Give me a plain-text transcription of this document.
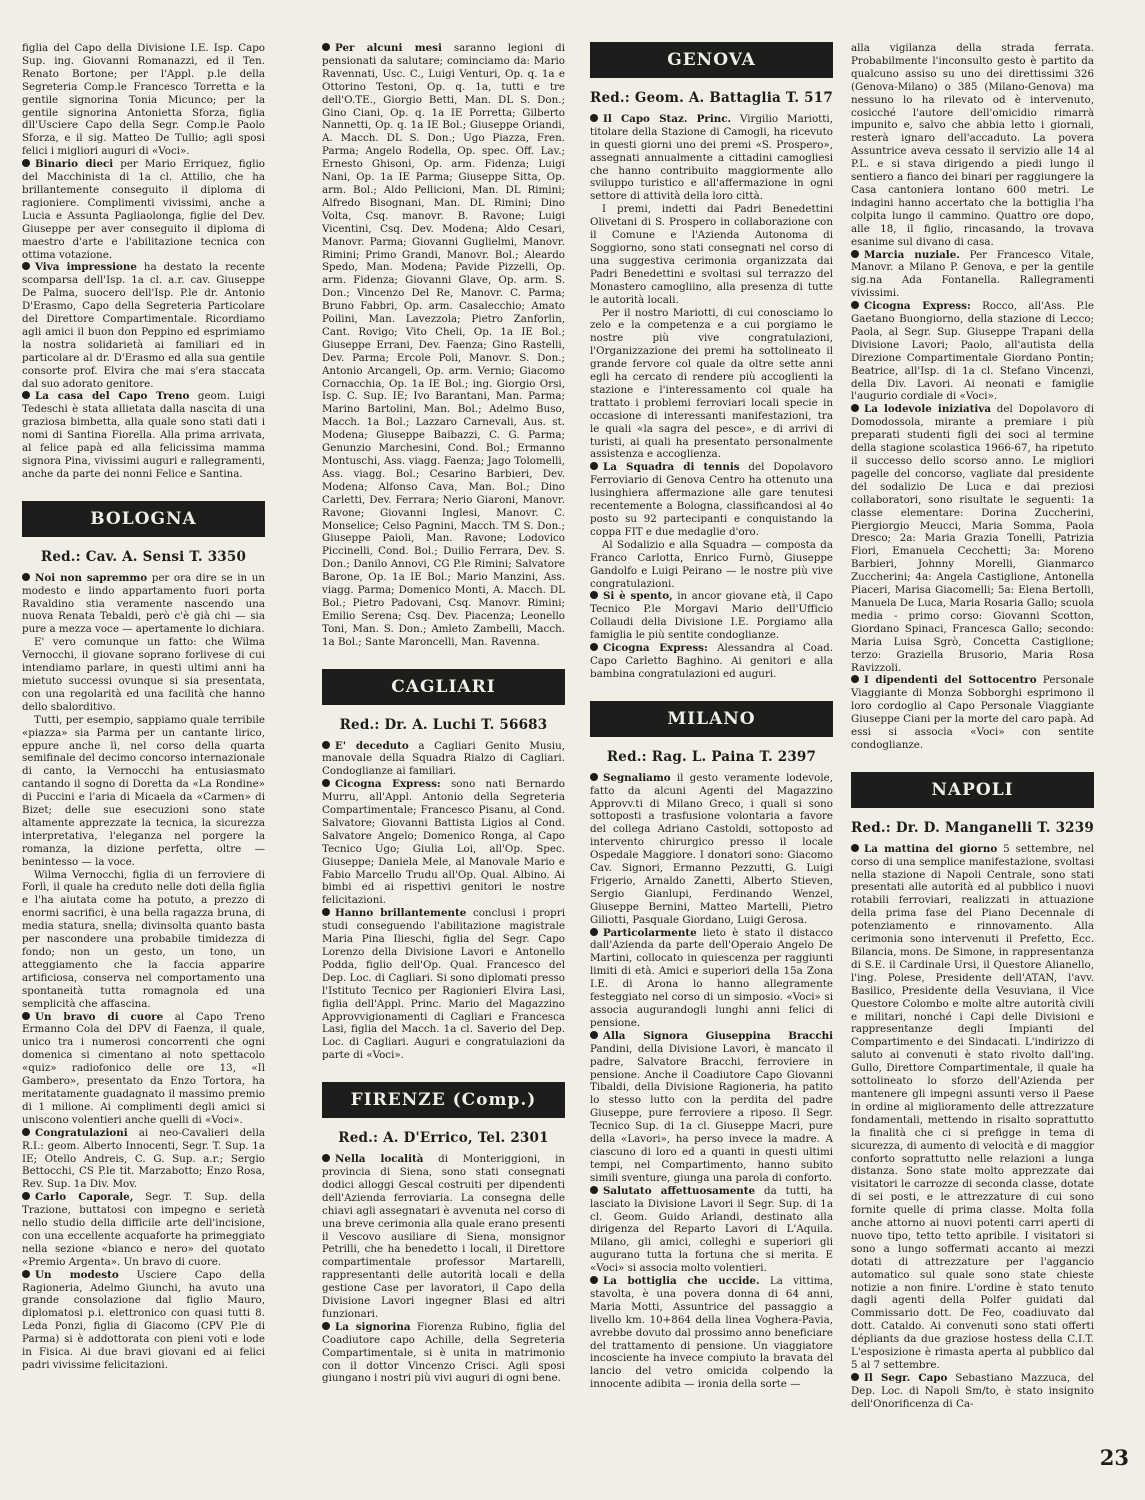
figlia del Capo della Divisione I.E. Isp. Capo Sup. ing. Giovanni Romanazzi, ed il Ten. Renato Bortone; per l'Appl. p.le della Segreteria Comp.le Francesco Torretta e la gentile signorina Tonia Micunco; per la gentile signorina Antonietta Sforza, figlia dll'Usciere Capo della Segr. Comp.le Paolo Sforza, e il sig. Matteo De Tullio; agli sposi felici i migliori auguri di «Voci».

Binario dieci per Mario Erriquez, figlio del Macchinista di 1a cl. Attilio, che ha brillantemente conseguito il diploma di ragioniere. Complimenti vivissimi, anche a Lucia e Assunta Pagliaolonga, figlie del Dev. Giuseppe per aver conseguito il diploma di maestro d'arte e l'abilitazione tecnica con ottima votazione.

Viva impressione ha destato la recente scomparsa dell'Isp. 1a cl. a.r. cav. Giuseppe De Palma, suocero dell'Isp. P.le dr. Antonio D'Erasmo, Capo della Segreteria Particolare del Direttore Compartimentale. Ricordiamo agli amici il buon don Peppino ed esprimiamo la nostra solidarietà ai familiari ed in particolare al dr. D'Erasmo ed alla sua gentile consorte prof. Elvira che mai s'era staccata dal suo adorato genitore.

La casa del Capo Treno geom. Luigi Tedeschi è stata allietata dalla nascita di una graziosa bimbetta, alla quale sono stati dati i nomi di Santina Fiorella. Alla prima arrivata, al felice papà ed alla felicissima mamma signora Pina, vivissimi auguri e rallegramenti, anche da parte dei nonni Felice e Santina.

BOLOGNA
Red.: Cav. A. Sensi T. 3350

Noi non sapremmo per ora dire se in un modesto e lindo appartamento fuori porta Ravaldino stia veramente nascendo una nuova Renata Tebaldi, però c'è già chi — sia pure a mezza voce — apertamente lo dichiara.

E' vero comunque un fatto: che Wilma Vernocchi, il giovane soprano forlivese di cui intendiamo parlare, in questi ultimi anni ha mietuto successi ovunque si sia presentata, con una regolarità ed una facilità che hanno dello sbalorditivo.

Tutti, per esempio, sappiamo quale terribile «piazza» sia Parma per un cantante lirico, eppure anche lì, nel corso della quarta semifinale del decimo concorso internazionale di canto, la Vernocchi ha entusiasmato cantando il sogno di Doretta da «La Rondine» di Puccini e l'aria di Micaela da «Carmen» di Bizet; delle sue esecuzioni sono state altamente apprezzate la tecnica, la sicurezza interpretativa, l'eleganza nel porgere la romanza, la dizione perfetta, oltre — benintesso — la voce.

Wilma Vernocchi, figlia di un ferroviere di Forlì, il quale ha creduto nelle doti della figlia e l'ha aiutata come ha potuto, a prezzo di enormi sacrifici, è una bella ragazza bruna, di media statura, snella; divinsolta quanto basta per nascondere una probabile timidezza di fondo; non un gesto, un tono, un atteggiamento che la faccia apparire artificiosa, conserva nel comportamento una spontaneità tutta romagnola ed una semplicità che affascina.

Un bravo di cuore al Capo Treno Ermanno Cola del DPV di Faenza, il quale, unico tra i numerosi concorrenti che ogni domenica si cimentano al noto spettacolo «quiz» radiofonico delle ore 13, «Il Gambero», presentato da Enzo Tortora, ha meritatamente guadagnato il massimo premio di 1 milione. Ai complimenti degli amici si uniscono volentieri anche quelli di «Voci».

Congratulazioni ai neo-Cavalieri della R.I.: geom. Alberto Innocenti, Segr. T. Sup. 1a IE; Otello Andreis, C. G. Sup. a.r.; Sergio Bettocchi, CS P.le tit. Marzabotto; Enzo Rosa, Rev. Sup. 1a Div. Mov.

Carlo Caporale, Segr. T. Sup. della Trazione, buttatosi con impegno e serietà nello studio della difficile arte dell'incisione, con una eccellente acquaforte ha primeggiato nella sezione «bianco e nero» del quotato «Premio Argenta». Un bravo di cuore.

Un modesto Usciere Capo della Ragioneria, Adelmo Giunchi, ha avuto una grande consolazione dal figlio Mauro, diplomatosi p.i. elettronico con quasi tutti 8. Leda Ponzi, figlia di Giacomo (CPV P.le di Parma) si è addottorata con pieni voti e lode in Fisica. Ai due bravi giovani ed ai felici padri vivissime felicitazioni.

Per alcuni mesi saranno legioni di pensionati da salutare; cominciamo da: Mario Ravennati, Usc. C., Luigi Venturi, Op. q. 1a e Ottorino Testoni, Op. q. 1a, tutti e tre dell'O.TE., Giorgio Betti, Man. DL S. Don.; Gino Ciani, Op. q. 1a IE Porretta; Gilberto Nannetti, Op. q. 1a IE Bol.; Giuseppe Oriandi, A. Macch. DL S. Don.; Ugo Piazza, Fren. Parma; Angelo Rodella, Op. spec. Off. Lav.; Ernesto Ghisoni, Op. arm. Fidenza; Luigi Nani, Op. 1a IE Parma; Giuseppe Sitta, Op. arm. Bol.; Aldo Pellicioni, Man. DL Rimini; Alfredo Bisognani, Man. DL Rimini; Dino Volta, Csq. manovr. B. Ravone; Luigi Vicentini, Csq. Dev. Modena; Aldo Cesari, Manovr. Parma; Giovanni Guglielmi, Manovr. Rimini; Primo Grandi, Manovr. Bol.; Aleardo Spedo, Man. Modena; Pavide Pizzelli, Op. arm. Fidenza; Giovanni Glave, Op. arm. S. Don.; Vincenzo Del Re, Manovr. C. Parma; Bruno Fabbri, Op. arm. Casalecchio; Amato Poilini, Man. Lavezzola; Pietro Zanforlin, Cant. Rovigo; Vito Cheli, Op. 1a IE Bol.; Giuseppe Errani, Dev. Faenza; Gino Rastelli, Dev. Parma; Ercole Poli, Manovr. S. Don.; Antonio Arcangeli, Op. arm. Vernio; Giacomo Cornacchia, Op. 1a IE Bol.; ing. Giorgio Orsi, Isp. C. Sup. IE; Ivo Barantani, Man. Parma; Marino Bartolini, Man. Bol.; Adelmo Buso, Macch. 1a Bol.; Lazzaro Carnevali, Aus. st. Modena; Giuseppe Baibazzi, C. G. Parma; Genunzio Marchesini, Cond. Bol.; Ermanno Montuschi, Ass. viagg. Faenza; Jago Tolomelli, Ass. viagg. Bol.; Cesarino Barbieri, Dev. Modena; Alfonso Cava, Man. Bol.; Dino Carletti, Dev. Ferrara; Nerio Giaroni, Manovr. Ravone; Giovanni Inglesi, Manovr. C. Monselice; Celso Pagnini, Macch. TM S. Don.; Giuseppe Paioli, Man. Ravone; Lodovico Piccinelli, Cond. Bol.; Duilio Ferrara, Dev. S. Don.; Danilo Annovi, CG P.le Rimini; Salvatore Barone, Op. 1a IE Bol.; Mario Manzini, Ass. viagg. Parma; Domenico Monti, A. Macch. DL Bol.; Pietro Padovani, Csq. Manovr. Rimini; Emilio Serena; Csq. Dev. Piacenza; Leonello Toni, Man. S. Don.; Amleto Zambelli, Macch. 1a Bol.; Sante Maroncelli, Man. Ravenna.

CAGLIARI
Red.: Dr. A. Luchi T. 56683

E' deceduto a Cagliari Genito Musiu, manovale della Squadra Rialzo di Cagliari. Condoglianze ai familiari.

Cicogna Express: sono nati Bernardo Murru, all'Appl. Antonio della Segreteria Compartimentale; Francesco Pisanu, al Cond. Salvatore; Giovanni Battista Ligios al Cond. Salvatore Angelo; Domenico Ronga, al Capo Tecnico Ugo; Giulia Loi, all'Op. Spec. Giuseppe; Daniela Mele, al Manovale Mario e Fabio Marcello Trudu all'Op. Qual. Albino. Ai bimbi ed ai rispettivi genitori le nostre felicitazioni.

Hanno brillantemente conclusi i propri studi conseguendo l'abilitazione magistrale Maria Pina Ilieschi, figlia del Segr. Capo Lorenzo della Divisione Lavori e Antonello Podda, figlio dell'Op. Qual. Francesco del Dep. Loc. di Cagliari. Si sono diplomati presso l'Istituto Tecnico per Ragionieri Elvira Lasi, figlia dell'Appl. Princ. Mario del Magazzino Approvvigionamenti di Cagliari e Francesca Lasi, figlia del Macch. 1a cl. Saverio del Dep. Loc. di Cagliari. Auguri e congratulazioni da parte di «Voci».

FIRENZE (Comp.)
Red.: A. D'Errico, Tel. 2301

Nella località di Monteriggioni, in provincia di Siena, sono stati consegnati dodici alloggi Gescal costruiti per dipendenti dell'Azienda ferroviaria. La consegna delle chiavi agli assegnatari è avvenuta nel corso di una breve cerimonia alla quale erano presenti il Vescovo ausiliare di Siena, monsignor Petrilli, che ha benedetto i locali, il Direttore compartimentale professor Martarelli, rappresentanti delle autorità locali e della gestione Case per lavoratori, il Capo della Divisione Lavori ingegner Blasi ed altri funzionari.

La signorina Fiorenza Rubino, figlia del Coadiutore capo Achille, della Segreteria Compartimentale, si è unita in matrimonio con il dottor Vincenzo Crisci. Agli sposi giungano i nostri più vivi auguri di ogni bene.

GENOVA
Red.: Geom. A. Battaglia T. 517

Il Capo Staz. Princ. Virgilio Mariotti, titolare della Stazione di Camogli, ha ricevuto in questi giorni uno dei premi «S. Prospero», assegnati annualmente a cittadini camogliesi che hanno contribuito maggiormente allo sviluppo turistico e all'affermazione in ogni settore di attività della loro città.

I premi, indetti dai Padri Benedettini Olivetani di S. Prospero in collaborazione con il Comune e l'Azienda Autonoma di Soggiorno, sono stati consegnati nel corso di una suggestiva cerimonia organizzata dai Padri Benedettini e svoltasi sul terrazzo del Monastero camogliino, alla presenza di tutte le autorità locali.

Per il nostro Mariotti, di cui conosciamo lo zelo e la competenza e a cui porgiamo le nostre più vive congratulazioni, l'Organizzazione dei premi ha sottolineato il grande fervore col quale da oltre sette anni egli ha cercato di rendere più accoglienti la stazione e l'interessamento col quale ha trattato i problemi ferroviari locali specie in occasione di interessanti manifestazioni, tra le quali «la sagra del pesce», e di arrivi di turisti, ai quali ha presentato personalmente assistenza e accoglienza.

La Squadra di tennis del Dopolavoro Ferroviario di Genova Centro ha ottenuto una lusinghiera affermazione alle gare tenutesi recentemente a Bologna, classificandosi al 4o posto su 92 partecipanti e conquistando la coppa FIT e due medaglie d'oro.

Al Sodalizio e alla Squadra — composta da Franco Carlotta, Enrico Furnò, Giuseppe Gandolfo e Luigi Peirano — le nostre più vive congratulazioni.

Si è spento, in ancor giovane età, il Capo Tecnico P.le Morgavi Mario dell'Ufficio Collaudi della Divisione I.E. Porgiamo alla famiglia le più sentite condoglianze.

Cicogna Express: Alessandra al Coad. Capo Carletto Baghino. Ai genitori e alla bambina congratulazioni ed auguri.

MILANO
Red.: Rag. L. Paina T. 2397

Segnaliamo il gesto veramente lodevole, fatto da alcuni Agenti del Magazzino Approvv.ti di Milano Greco, i quali si sono sottoposti a trasfusione volontaria a favore del collega Adriano Castoldi, sottoposto ad intervento chirurgico presso il locale Ospedale Maggiore. I donatori sono: Giacomo Cav. Signori, Ermanno Pezzutti, G. Luigi Frigerio, Arnaldo Zanetti, Alberto Stieven, Sergio Gianlupi, Ferdinando Wenzel, Giuseppe Bernini, Matteo Martelli, Pietro Giliotti, Pasquale Giordano, Luigi Gerosa.

Particolarmente lieto è stato il distacco dall'Azienda da parte dell'Operaio Angelo De Martini, collocato in quiescenza per raggiunti limiti di età. Amici e superiori della 15a Zona I.E. di Arona lo hanno allegramente festeggiato nel corso di un simposio. «Voci» si associa augurandogli lunghi anni felici di pensione.

Alla Signora Giuseppina Bracchi Pandini, della Divisione Lavori, è mancato il padre, Salvatore Bracchi, ferroviere in pensione. Anche il Coadiutore Capo Giovanni Tibaldi, della Divisione Ragioneria, ha patito lo stesso lutto con la perdita del padre Giuseppe, pure ferroviere a riposo. Il Segr. Tecnico Sup. di 1a cl. Giuseppe Macri, pure della «Lavori», ha perso invece la madre. A ciascuno di loro ed a quanti in questi ultimi tempi, nel Compartimento, hanno subito simili sventure, giunga una parola di conforto.

Salutato affettuosamente da tutti, ha lasciato la Divisione Lavori il Segr. Sup. di 1a cl. Geom. Guido Arlandi, destinato alla dirigenza del Reparto Lavori di L'Aquila. Milano, gli amici, colleghi e superiori gli augurano tutta la fortuna che si merita. E «Voci» si associa molto volentieri.

La bottiglia che uccide. La vittima, stavolta, è una povera donna di 64 anni, Maria Motti, Assuntrice del passaggio a livello km. 10+864 della linea Voghera-Pavia, avrebbe dovuto dal prossimo anno beneficiare del trattamento di pensione. Un viaggiatore incosciente ha invece compiuto la bravata del lancio del vetro omicida colpendo la innocente adibita — ironia della sorte —

alla vigilanza della strada ferrata. Probabilmente l'inconsulto gesto è partito da qualcuno assiso su uno dei direttissimi 326 (Genova-Milano) o 385 (Milano-Genova) ma nessuno lo ha rilevato od è intervenuto, cosicché l'autore dell'omicidio rimarrà impunito e, salvo che abbia letto i giornali, resterà ignaro dell'accaduto. La povera Assuntrice aveva cessato il servizio alle 14 al P.L. e si stava dirigendo a piedi lungo il sentiero a fianco dei binari per raggiungere la Casa cantoniera lontano 600 metri. Le indagini hanno accertato che la bottiglia l'ha colpita lungo il cammino. Quattro ore dopo, alle 18, il figlio, rincasando, la trovava esanime sul divano di casa.

Marcia nuziale. Per Francesco Vitale, Manovr. a Milano P. Genova, e per la gentile sig.na Ada Fontanella. Rallegramenti vivissimi.

Cicogna Express: Rocco, all'Ass. P.le Gaetano Buongiorno, della stazione di Lecco; Paola, al Segr. Sup. Giuseppe Trapani della Divisione Lavori; Paolo, all'autista della Direzione Compartimentale Giordano Pontin; Beatrice, all'Isp. di 1a cl. Stefano Vincenzi, della Div. Lavori. Ai neonati e famiglie l'augurio cordiale di «Voci».

La lodevole iniziativa del Dopolavoro di Domodossola, mirante a premiare i più preparati studenti figli dei soci al termine della stagione scolastica 1966-67, ha ripetuto il successo dello scorso anno. Le migliori pagelle del concorso, vagliate dal presidente del sodalizio De Luca e dai preziosi collaboratori, sono risultate le seguenti: 1a classe elementare: Dorina Zuccherini, Piergiorgio Meucci, Maria Somma, Paola Dresco; 2a: Maria Grazia Tonelli, Patrizia Fiori, Emanuela Cecchetti; 3a: Moreno Barbieri, Johnny Morelli, Gianmarco Zuccherini; 4a: Angela Castiglione, Antonella Piaceri, Marisa Giacomelli; 5a: Elena Bertolli, Manuela De Luca, Maria Rosaria Gallo; scuola media - primo corso: Giovanni Scotton, Giordano Spinaci, Francesca Gallo; secondo: Maria Luisa Sgrò, Concetta Castiglione; terzo: Graziella Brusorio, Maria Rosa Ravizzoli.

I dipendenti del Sottocentro Personale Viaggiante di Monza Sobborghi esprimono il loro cordoglio al Capo Personale Viaggiante Giuseppe Ciani per la morte del caro papà. Ad essi si associa «Voci» con sentite condoglianze.

NAPOLI
Red.: Dr. D. Manganelli T. 3239

La mattina del giorno 5 settembre, nel corso di una semplice manifestazione, svoltasi nella stazione di Napoli Centrale, sono stati presentati alle autorità ed al pubblico i nuovi rotabili ferroviari, realizzati in attuazione della prima fase del Piano Decennale di potenziamento e rinnovamento. Alla cerimonia sono intervenuti il Prefetto, Ecc. Bilancia, mons. De Simone, in rappresentanza di S.E. il Cardinale Ursi, il Questore Alianello, l'ing. Polese, Presidente dell'ATAN, l'avv. Basilico, Presidente della Vesuviana, il Vice Questore Colombo e molte altre autorità civili e militari, nonché i Capi delle Divisioni e rappresentanze degli Impianti del Compartimento e dei Sindacati. L'indirizzo di saluto ai convenuti è stato rivolto dall'ing. Gullo, Direttore Compartimentale, il quale ha sottolineato lo sforzo dell'Azienda per mantenere gli impegni assunti verso il Paese in ordine al miglioramento delle attrezzature fondamentali, mettendo in risalto soprattutto la finalità che ci si prefigge in tema di sicurezza, di aumento di velocità e di maggior conforto soprattutto nelle relazioni a lunga distanza. Sono state molto apprezzate dai visitatori le carrozze di seconda classe, dotate di sei posti, e le attrezzature di cui sono fornite quelle di prima classe. Molta folla anche attorno ai nuovi potenti carri aperti di nuovo tipo, tetto tetto apribile. I visitatori si sono a lungo soffermati accanto ai mezzi dotati di attrezzature per l'aggancio automatico sul quale sono state chieste notizie a non finire. L'ordine è stato tenuto dagli agenti della Polfer guidati dal Commissario dott. De Feo, coadiuvato dal dott. Cataldo. Ai convenuti sono stati offerti dépliants da due graziose hostess della C.I.T. L'esposizione è rimasta aperta al pubblico dal 5 al 7 settembre.

Il Segr. Capo Sebastiano Mazzuca, del Dep. Loc. di Napoli Sm/to, è stato insignito dell'Onorificenza di Ca-

23
